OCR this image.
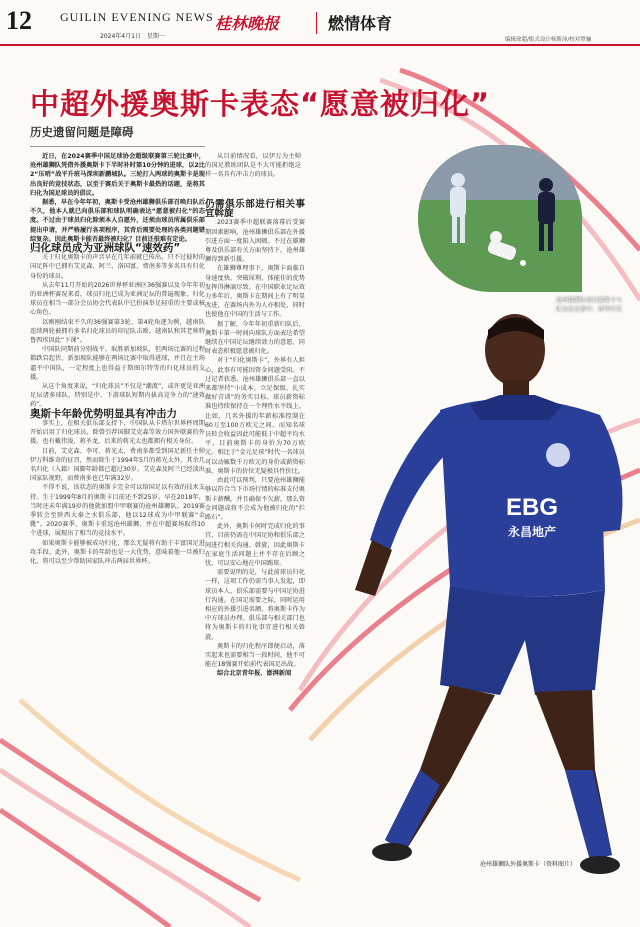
12 GUILIN EVENING NEWS
2024年4月1日　星期一
桂林晚报	燃情体育
编辑徐超/版式设计杨斯沛/校对覃骊
中超外援奥斯卡表态“愿意被归化”
历史遗留问题是障碍

近日，在2024赛季中国足球协会超级联赛第三轮比赛中，沧州雄狮队凭借外援奥斯卡下半时补时第10分钟的进球，以2比2“压哨”战平升班马深圳新鹏城队。三轮打入两球的奥斯卡是现出良好的竞技状态，以至于赛后关于奥斯卡最热的话题，是将其归化为国足球员的倡议。

据悉，早在今年年初，奥斯卡受沧州雄狮俱乐部召唤归队后不久，他本人就已向俱乐部和球队明确表达“愿意被归化”的态度。不过由于球员归化除须本人自愿外，还须由球员所属俱乐部提出申请，并严格履行各项程序，其背后需要处理的各类问题错综复杂。因此奥斯卡能否最终被归化？目前还很难有定论。

归化球员成为亚洲球队“速效药”

关于归化奥斯卡的声音早在几年前就已传出。只不过彼时的国足阵中已拥有艾克森、阿兰、洛国富、费南多等多名具有归化身份的球员。

从去年11月开始的2026世界杯亚洲区36强赛以及今年年初的亚洲杯赛况来看，球员归化已成为亚洲足坛的普遍现象。归化球员在相当一部分会员协会代表队中已扮演举足轻重的主要或核心角色。

以刚刚结束不久的36强赛第3轮、第4轮角逐为例，越南队连续两轮被拥有多名归化球员的印尼队击败。越南队和其老帅特鲁西埃因此“下课”。

中国队同期前分别战平、取胜新加坡队，但两场比赛的过程都跌宕起伏。新加坡队能够在两场比赛中取得进球，并且在主场逼平中国队，一定程度上也得益于斯图尔特等的归化球员的支援。

从这个角度来说，“归化球员”不仅是“潮流”，或许更是亚洲足坛诸多球队，特别是中、下游球队短期内拔高竞争力的“速效药”。

奥斯卡年龄优势明显具有冲击力

事实上，在相关俱乐部支持下，中国队从卡塔尔世界杯周期开始启用了归化球员，除曾引荐国脚艾克森等效力国外联赛的外援，也有戴伟浚、蒋圣龙，后来的蒋光太也都拥有相关身份。

目前，艾克森、李可、蒋光太、费南多都受到国足新任主帅伊万科维奇的征召，然而除生于1994年5月的蒋光太外，其余几名归化（入籍）国脚年龄都已超过30岁。艾克森及阿兰已经淡出国家队视野，而费南多也已年满32岁。

不得不说，该状态的奥斯卡完全可以给国足以有效的技术支持。生于1999年8月的奥斯卡目前还不到25岁。早在2018年，当时还未年满19岁的他就加盟中甲联赛的沧州雄狮队。2019赛季转会至陕西大秦之水俱乐部，他以12球成为中甲联赛“金靴”。2020赛季，奥斯卡重返沧州雄狮，并在中超赛场取得10个进球，展现出了相当的竞技水平。

如果奥斯卡能够被成功归化，那么无疑将有助于丰富国足进攻手段。此外，奥斯卡的年龄也是一大优势，意味着他一旦被归化，将可以至少帮助国家队冲击两届世界杯。

从目前情况看，以伊万为主帅的国足教练团队是不大可能拒绝这样一名具有冲击力的球员。

仍需俱乐部进行相关事宜斡旋

2023赛季中超联赛落幕后受赛期因素影响，沧州雄狮俱乐部在外援引进方面一度陷入困顿。不过在雄狮尊及俱乐部有关方面坚持下，沧州雄狮得到新引援。

在雄狮尊理事下，奥斯卡面临自身速度快、突破犀利、体能佳的优势发挥得淋漓尽致。在中国职业足坛效力多年后，奥斯卡在期间上有了明显改进，在赛场内外为人亦相处，同时也使他在中国的生活与工作。

据了解，今年年初重新归队后，奥斯卡第一时间向球队方面表达希望继续在中国足坛继续效力的意愿，同时表态积极愿意被归化。

对于“归化奥斯卡”，外界有人担心，此事有可能因资金问题受阻。不过记者获悉，沧州雄狮俱乐部一直以来都坚持“小成本、立足保级、扎实做好青训”的务实目标。球员薪资标准也持续保持在一个理性水平线上。比如，几名外援的年薪标准控制在60万至100万欧元之间。而知名球员转会收益因此可能低于中超平均水平，目前奥斯卡的身价为70万欧元。相比于“金元足球”时代一名球员可以动辄数千万欧元的身价或薪资标准，奥斯卡的价位无疑极具性价比。

由此可以预判，只要沧州雄狮能够以符合当下市场行情的标准支付奥斯卡薪酬，并且确保不欠薪，那么资金问题或将不会成为他被归化的“拦路石”。

此外，奥斯卡何时完成归化的事宜，目前仍需在中国足协和俱乐部之间进行相关沟通、斡旋，因此奥斯卡在家庭生活问题上并不存在后顾之忧，可以安心地在中国踢球。

需要说明的是，与此前球员归化一样，这项工作仍需当事人发起，即球员本人、俱乐部需要与中国足协进行沟通。在国足需要之际，同时运用相应的外援引进名额，将奥斯卡作为中方球员办理。俱乐部与相关部门也将为奥斯卡的归化事宜进行相关斡旋。

奥斯卡的归化程序即便启动，落实起来也需要相当一段时间，他不可能在18强赛开始前代表国足出战。

综合北京青年报、澎湃新闻

沧州雄狮队球员奥斯卡与队友在比赛中。新华社发
EBG
永昌地产
沧州雄狮队外援奥斯卡（资料图片）
